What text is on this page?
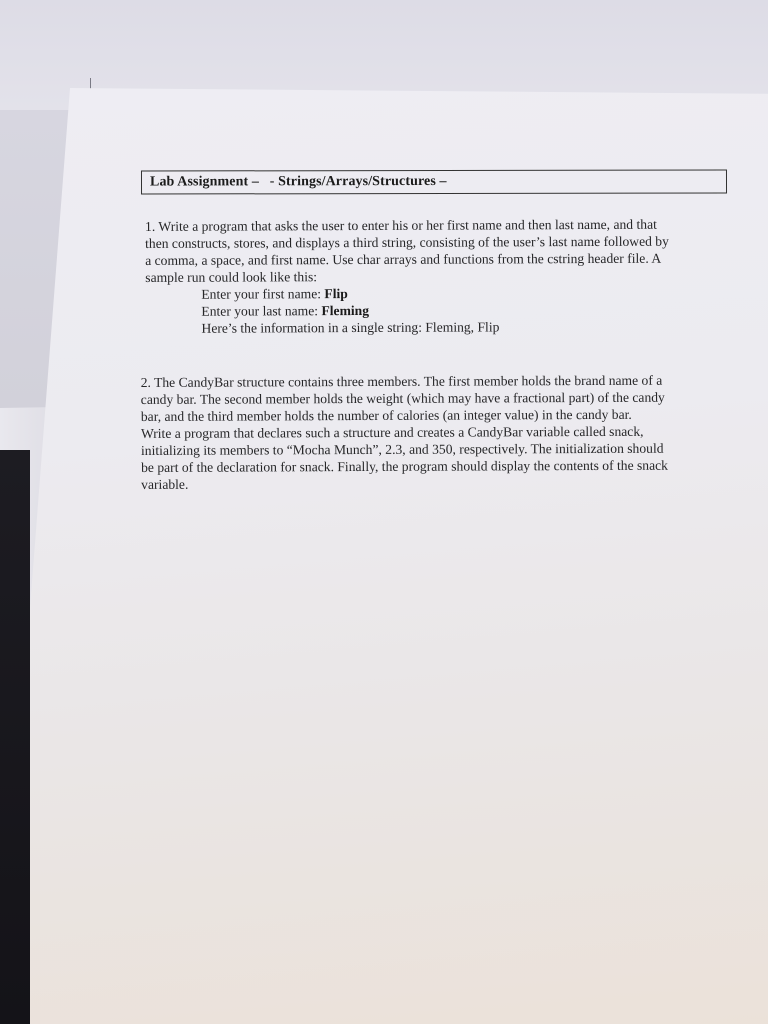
Lab Assignment –   - Strings/Arrays/Structures –

1. Write a program that asks the user to enter his or her first name and then last name, and that

then constructs, stores, and displays a third string, consisting of the user’s last name followed by

a comma, a space, and first name. Use char arrays and functions from the cstring header file. A

sample run could look like this:

Enter your first name: Flip

Enter your last name: Fleming

Here’s the information in a single string: Fleming, Flip

2. The CandyBar structure contains three members. The first member holds the brand name of a

candy bar. The second member holds the weight (which may have a fractional part) of the candy

bar, and the third member holds the number of calories (an integer value) in the candy bar.

Write a program that declares such a structure and creates a CandyBar variable called snack,

initializing its members to “Mocha Munch”, 2.3, and 350, respectively. The initialization should

be part of the declaration for snack. Finally, the program should display the contents of the snack

variable.
